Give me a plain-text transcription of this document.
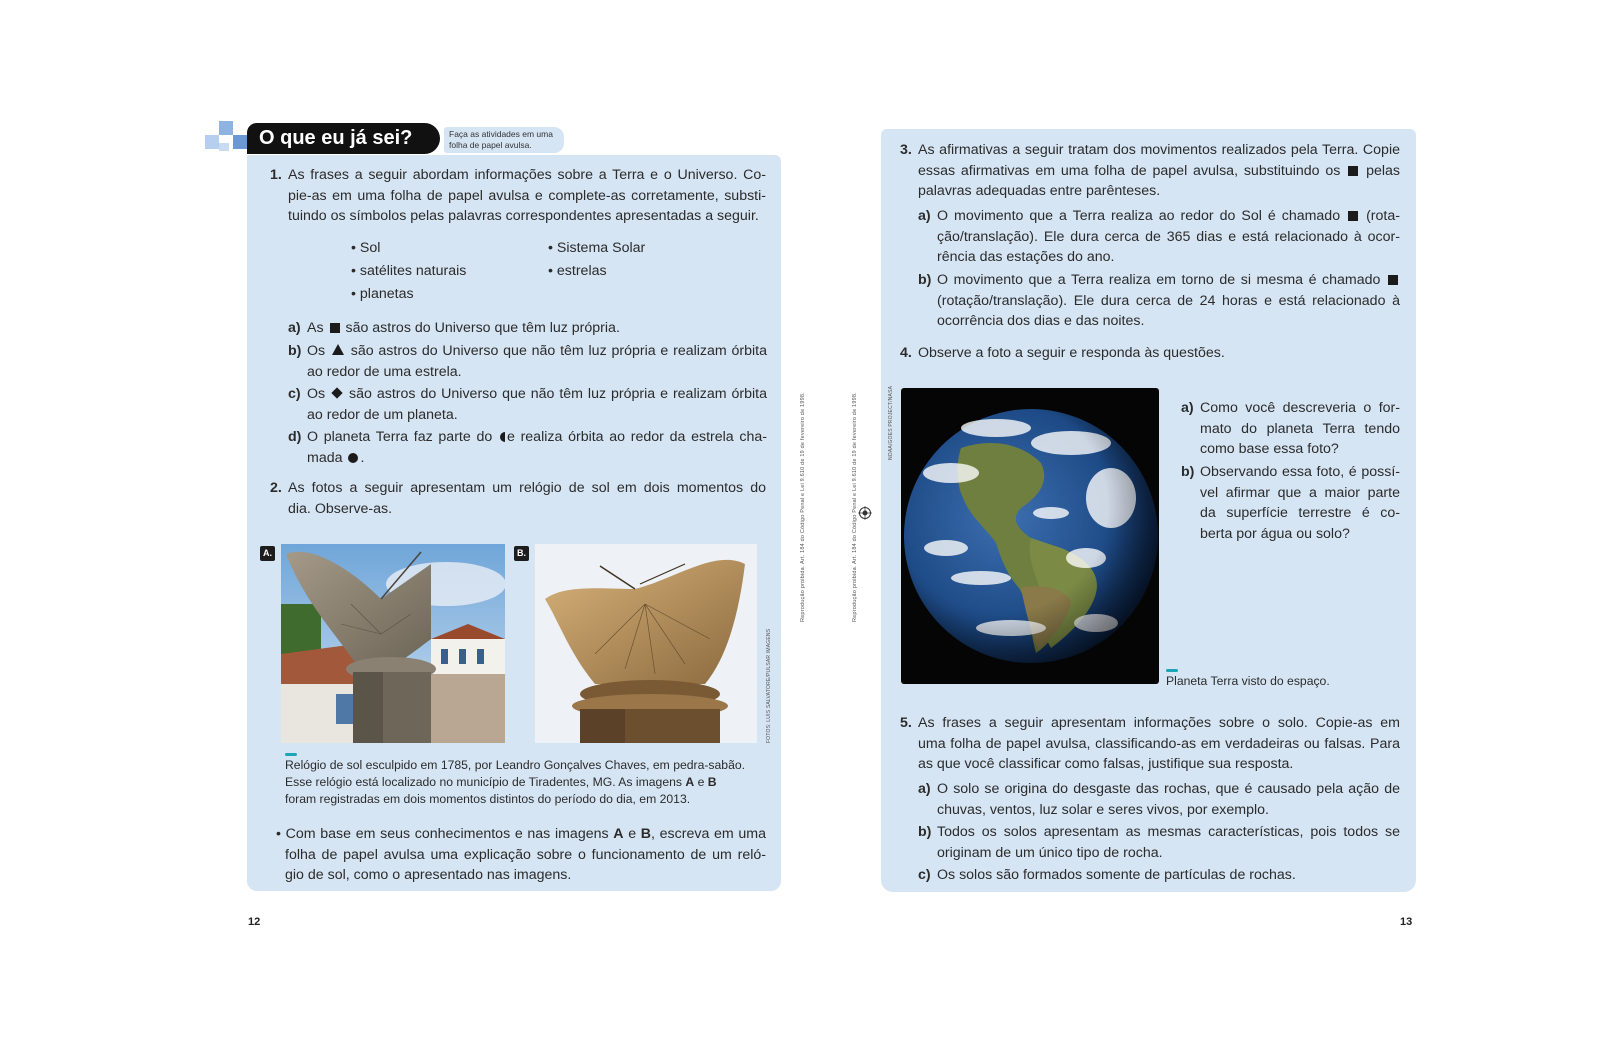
O que eu já sei?	Faça as atividades em uma
folha de papel avulsa.
1. As frases a seguir abordam informações sobre a Terra e o Universo. Co-
pie-as em uma folha de papel avulsa e complete-as corretamente, substi-
tuindo os símbolos pelas palavras correspondentes apresentadas a seguir.
• Sol	• Sistema Solar
• satélites naturais	• estrelas
• planetas
a) As são astros do Universo que têm luz própria.
b) Os são astros do Universo que não têm luz própria e realizam órbita
ao redor de uma estrela.
c) Os são astros do Universo que não têm luz própria e realizam órbita
ao redor de um planeta.
d) O planeta Terra faz parte do e realiza órbita ao redor da estrela cha-
mada .
2. As fotos a seguir apresentam um relógio de sol em dois momentos do
dia. Observe-as.
A.	B.
FOTOS: LUIS SALVATORE/PULSAR IMAGENS
Relógio de sol esculpido em 1785, por Leandro Gonçalves Chaves, em pedra-sabão.
Esse relógio está localizado no município de Tiradentes, MG. As imagens A e B
foram registradas em dois momentos distintos do período do dia, em 2013.
• Com base em seus conhecimentos e nas imagens A e B, escreva em uma
folha de papel avulsa uma explicação sobre o funcionamento de um reló-
gio de sol, como o apresentado nas imagens.
12
Reprodução proibida. Art. 184 do Código Penal e Lei 9.610 de 19 de fevereiro de 1998.	Reprodução proibida. Art. 184 do Código Penal e Lei 9.610 de 19 de fevereiro de 1998.
3. As afirmativas a seguir tratam dos movimentos realizados pela Terra. Copie
essas afirmativas em uma folha de papel avulsa, substituindo os pelas
palavras adequadas entre parênteses.
a) O movimento que a Terra realiza ao redor do Sol é chamado (rota-
ção/translação). Ele dura cerca de 365 dias e está relacionado à ocor-
rência das estações do ano.
b) O movimento que a Terra realiza em torno de si mesma é chamado
(rotação/translação). Ele dura cerca de 24 horas e está relacionado à
ocorrência dos dias e das noites.
4. Observe a foto a seguir e responda às questões.
NOAA/GOES PROJECT/NASA	a) Como você descreveria o for-
mato do planeta Terra tendo
como base essa foto?
b) Observando essa foto, é possí-
vel afirmar que a maior parte
da superfície terrestre é co-
berta por água ou solo?
Planeta Terra visto do espaço.
5. As frases a seguir apresentam informações sobre o solo. Copie-as em
uma folha de papel avulsa, classificando-as em verdadeiras ou falsas. Para
as que você classificar como falsas, justifique sua resposta.
a) O solo se origina do desgaste das rochas, que é causado pela ação de
chuvas, ventos, luz solar e seres vivos, por exemplo.
b) Todos os solos apresentam as mesmas características, pois todos se
originam de um único tipo de rocha.
c) Os solos são formados somente de partículas de rochas.
13
